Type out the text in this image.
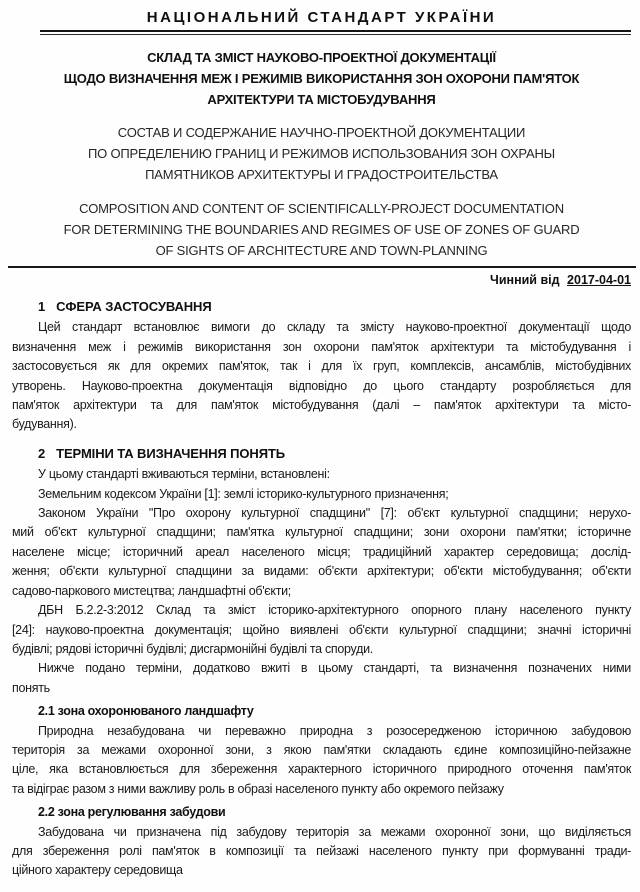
НАЦІОНАЛЬНИЙ СТАНДАРТ УКРАЇНИ
СКЛАД ТА ЗМІСТ НАУКОВО-ПРОЕКТНОЇ ДОКУМЕНТАЦІЇ
ЩОДО ВИЗНАЧЕННЯ МЕЖ І РЕЖИМІВ ВИКОРИСТАННЯ ЗОН ОХОРОНИ ПАМ'ЯТОК
АРХІТЕКТУРИ ТА МІСТОБУДУВАННЯ
СОСТАВ И СОДЕРЖАНИЕ НАУЧНО-ПРОЕКТНОЙ ДОКУМЕНТАЦИИ
ПО ОПРЕДЕЛЕНИЮ ГРАНИЦ И РЕЖИМОВ ИСПОЛЬЗОВАНИЯ ЗОН ОХРАНЫ
ПАМЯТНИКОВ АРХИТЕКТУРЫ И ГРАДОСТРОИТЕЛЬСТВА
COMPOSITION AND CONTENT OF SCIENTIFICALLY-PROJECT DOCUMENTATION
FOR DETERMINING THE BOUNDARIES AND REGIMES OF USE OF ZONES OF GUARD
OF SIGHTS OF ARCHITECTURE AND TOWN-PLANNING
Чинний від 2017-04-01
1 СФЕРА ЗАСТОСУВАННЯ
Цей стандарт встановлює вимоги до складу та змісту науково-проектної документації щодо
визначення меж і режимів використання зон охорони пам'яток архітектури та містобудування і
застосовується як для окремих пам'яток, так і для їх груп, комплексів, ансамблів, містобудівних
утворень. Науково-проектна документація відповідно до цього стандарту розробляється для
пам'яток архітектури та для пам'яток містобудування (далі – пам'яток архітектури та місто-
будування).
2 ТЕРМІНИ ТА ВИЗНАЧЕННЯ ПОНЯТЬ
У цьому стандарті вживаються терміни, встановлені:
Земельним кодексом України [1]: землі історико-культурного призначення;
Законом України "Про охорону культурної спадщини" [7]: об'єкт культурної спадщини; нерухо-
мий об'єкт культурної спадщини; пам'ятка культурної спадщини; зони охорони пам'ятки; історичне
населене місце; історичний ареал населеного місця; традиційний характер середовища; дослід-
ження; об'єкти культурної спадщини за видами: об'єкти архітектури; об'єкти містобудування; об'єкти
садово-паркового мистецтва; ландшафтні об'єкти;
ДБН Б.2.2-3:2012 Склад та зміст історико-архітектурного опорного плану населеного пункту
[24]: науково-проектна документація; щойно виявлені об'єкти культурної спадщини; значні історичні
будівлі; рядові історичні будівлі; дисгармонійні будівлі та споруди.
Нижче подано терміни, додатково вжиті в цьому стандарті, та визначення позначених ними
понять
2.1 зона охоронюваного ландшафту
Природна незабудована чи переважно природна з розосередженою історичною забудовою
територія за межами охоронної зони, з якою пам'ятки складають єдине композиційно-пейзажне
ціле, яка встановлюється для збереження характерного історичного природного оточення пам'яток
та відіграє разом з ними важливу роль в образі населеного пункту або окремого пейзажу
2.2 зона регулювання забудови
Забудована чи призначена під забудову територія за межами охоронної зони, що виділяється
для збереження ролі пам'яток в композиції та пейзажі населеного пункту при формуванні тради-
ційного характеру середовища
